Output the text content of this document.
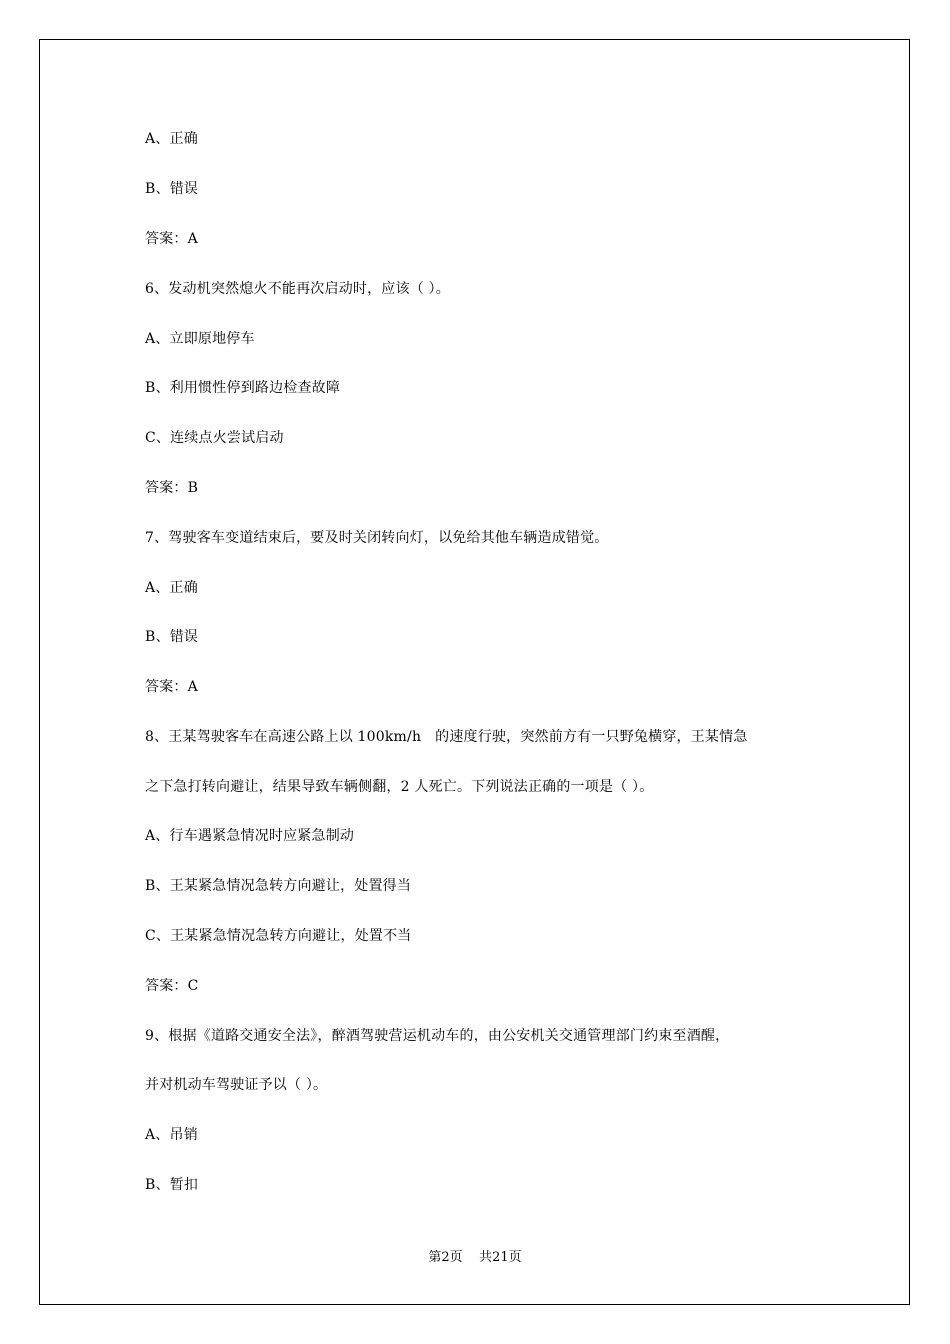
A、正确
B、错误
答案：A
6、发动机突然熄火不能再次启动时，应该（ ）。
A、立即原地停车
B、利用惯性停到路边检查故障
C、连续点火尝试启动
答案：B
7、驾驶客车变道结束后，要及时关闭转向灯，以免给其他车辆造成错觉。
A、正确
B、错误
答案：A
8、王某驾驶客车在高速公路上以 100km/h   的速度行驶，突然前方有一只野兔横穿，王某情急
之下急打转向避让，结果导致车辆侧翻，2 人死亡。下列说法正确的一项是（ ）。
A、行车遇紧急情况时应紧急制动
B、王某紧急情况急转方向避让，处置得当
C、王某紧急情况急转方向避让，处置不当
答案：C
9、根据《道路交通安全法》，醉酒驾驶营运机动车的，由公安机关交通管理部门约束至酒醒，
并对机动车驾驶证予以（ ）。
A、吊销
B、暂扣
第2页    共21页
